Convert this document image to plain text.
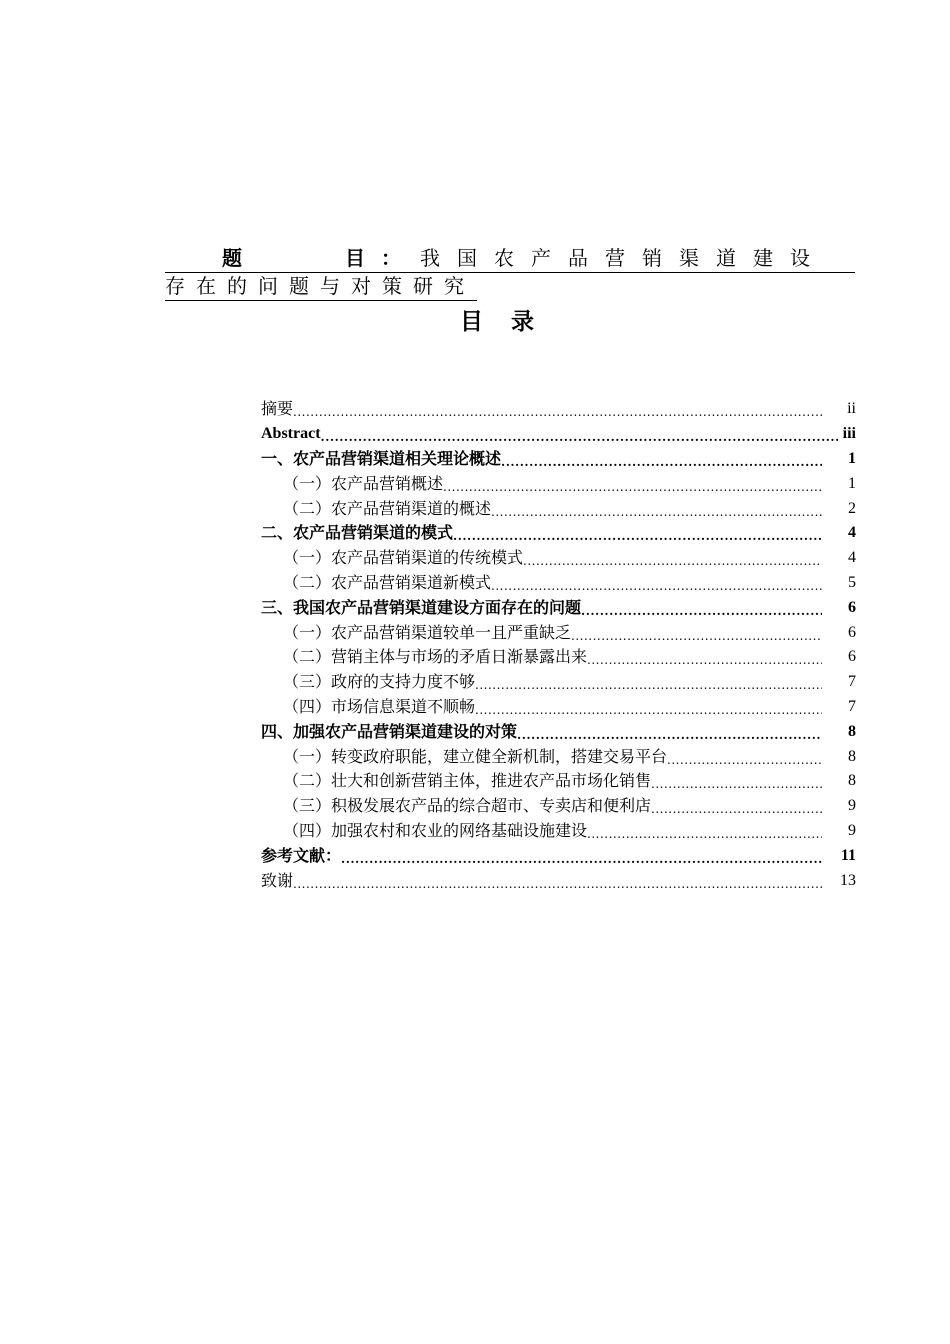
题	目 ： 我国农产品营销渠道建设
存在的问题与对策研究
目 录
摘要 .....	ii
Abstract .....	iii
一、农产品营销渠道相关理论概述 .....	1
（一）农产品营销概述 .....	1
（二）农产品营销渠道的概述 .....	2
二、农产品营销渠道的模式 .....	4
（一）农产品营销渠道的传统模式 .....	4
（二）农产品营销渠道新模式 .....	5
三、我国农产品营销渠道建设方面存在的问题 .....	6
（一）农产品营销渠道较单一且严重缺乏 .....	6
（二）营销主体与市场的矛盾日渐暴露出来 .....	6
（三）政府的支持力度不够 .....	7
（四）市场信息渠道不顺畅 .....	7
四、加强农产品营销渠道建设的对策 .....	8
（一）转变政府职能，建立健全新机制，搭建交易平台 .....	8
（二）壮大和创新营销主体，推进农产品市场化销售 .....	8
（三）积极发展农产品的综合超市、专卖店和便利店 .....	9
（四）加强农村和农业的网络基础设施建设 .....	9
参考文献： .....	11
致谢 .....	13
